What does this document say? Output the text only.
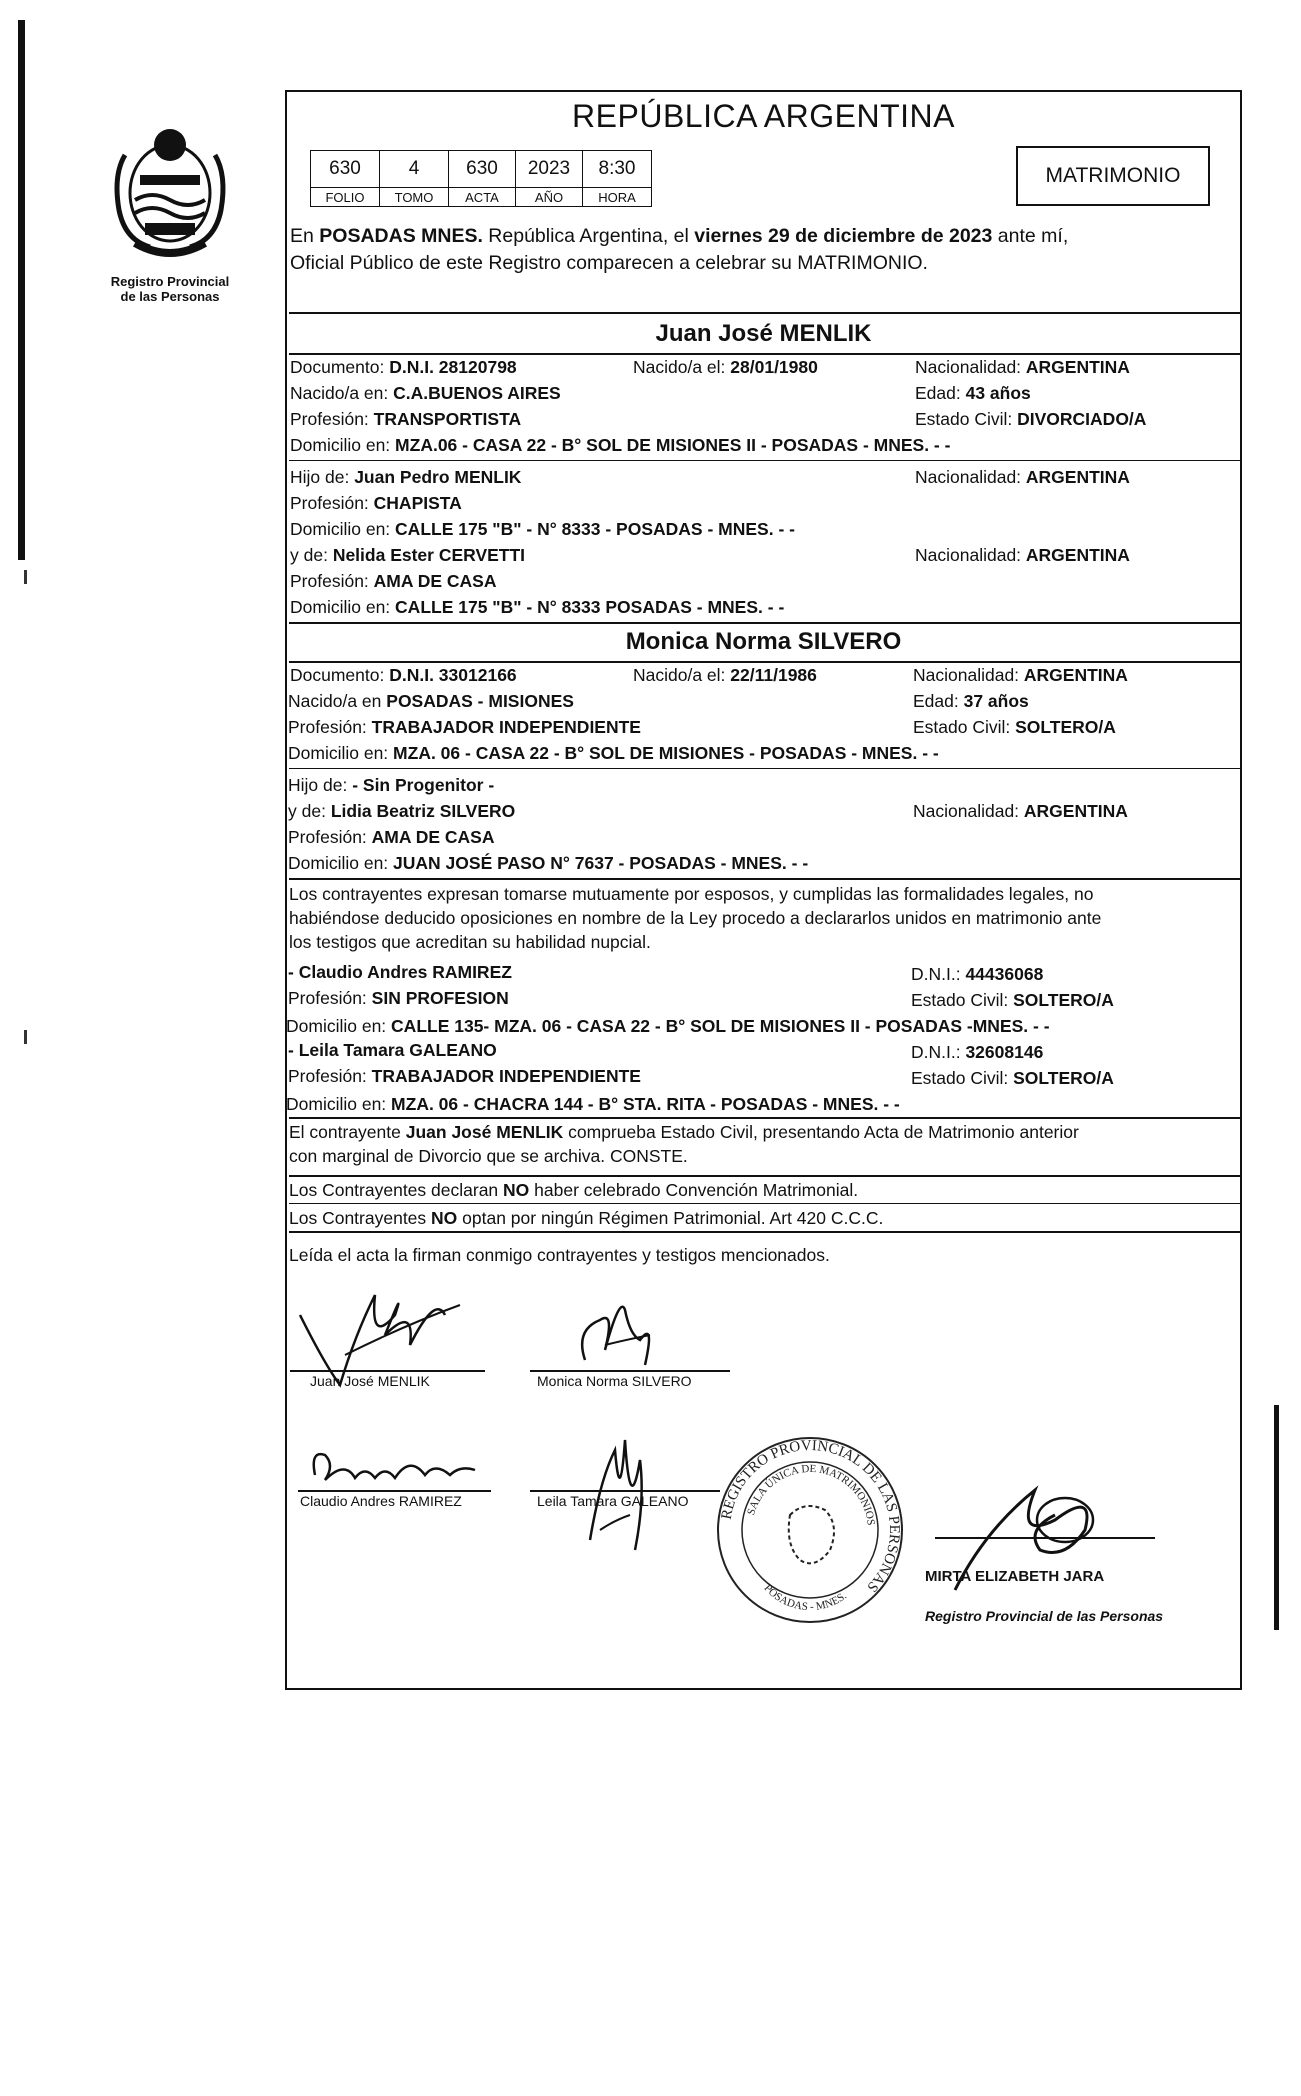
Registro Provincial
de las Personas
REPÚBLICA ARGENTINA
630	4	630	2023	8:30
FOLIO	TOMO	ACTA	AÑO	HORA
MATRIMONIO
En POSADAS MNES. República Argentina, el viernes 29 de diciembre de 2023 ante mí,
Oficial Público de este Registro comparecen a celebrar su MATRIMONIO.
Juan José MENLIK
Documento: D.N.I. 28120798	Nacido/a el: 28/01/1980	Nacionalidad: ARGENTINA
Nacido/a en: C.A.BUENOS AIRES	Edad: 43 años
Profesión: TRANSPORTISTA	Estado Civil: DIVORCIADO/A
Domicilio en: MZA.06 - CASA 22 - B° SOL DE MISIONES II - POSADAS - MNES. - -
Hijo de: Juan Pedro MENLIK	Nacionalidad: ARGENTINA
Profesión: CHAPISTA
Domicilio en: CALLE 175 "B" - N° 8333 - POSADAS - MNES. - -
y de: Nelida Ester CERVETTI	Nacionalidad: ARGENTINA
Profesión: AMA DE CASA
Domicilio en: CALLE 175 "B" - N° 8333 POSADAS - MNES. - -
Monica Norma SILVERO
Documento: D.N.I. 33012166	Nacido/a el: 22/11/1986	Nacionalidad: ARGENTINA
Nacido/a en POSADAS - MISIONES	Edad: 37 años
Profesión: TRABAJADOR INDEPENDIENTE	Estado Civil: SOLTERO/A
Domicilio en: MZA. 06 - CASA 22 - B° SOL DE MISIONES - POSADAS - MNES. - -
Hijo de: - Sin Progenitor -
y de: Lidia Beatriz SILVERO	Nacionalidad: ARGENTINA
Profesión: AMA DE CASA
Domicilio en: JUAN JOSÉ PASO N° 7637 - POSADAS - MNES. - -
Los contrayentes expresan tomarse mutuamente por esposos, y cumplidas las formalidades legales, no
habiéndose deducido oposiciones en nombre de la Ley procedo a declararlos unidos en matrimonio ante
los testigos que acreditan su habilidad nupcial.
- Claudio Andres RAMIREZ	D.N.I.: 44436068
Profesión: SIN PROFESION	Estado Civil: SOLTERO/A
Domicilio en: CALLE 135- MZA. 06 - CASA 22 - B° SOL DE MISIONES II - POSADAS -MNES. - -
- Leila Tamara GALEANO	D.N.I.: 32608146
Profesión: TRABAJADOR INDEPENDIENTE	Estado Civil: SOLTERO/A
Domicilio en: MZA. 06 - CHACRA 144 - B° STA. RITA - POSADAS - MNES. - -
El contrayente Juan José MENLIK comprueba Estado Civil, presentando Acta de Matrimonio anterior
con marginal de Divorcio que se archiva. CONSTE.
Los Contrayentes declaran NO haber celebrado Convención Matrimonial.
Los Contrayentes NO optan por ningún Régimen Patrimonial. Art 420 C.C.C.
Leída el acta la firman conmigo contrayentes y testigos mencionados.
Juan José MENLIK	Monica Norma SILVERO
Claudio Andres RAMIREZ	Leila Tamara GALEANO
REGISTRO PROVINCIAL DE LAS PERSONAS
SALA ÚNICA DE MATRIMONIOS
POSADAS - MNES.
MIRTA ELIZABETH JARA
Registro Provincial de las Personas
